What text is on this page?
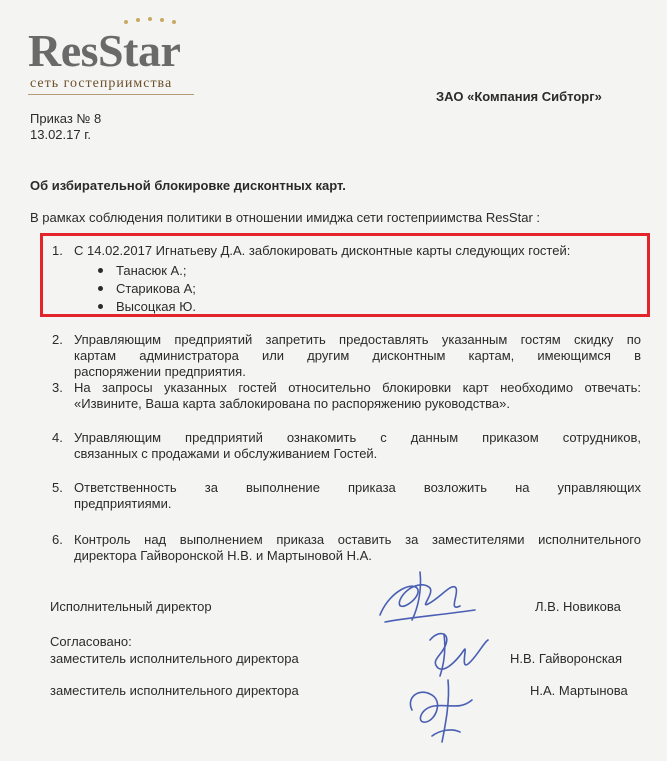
ResStar
сеть гостеприимства
ЗАО «Компания Сибторг»
Приказ № 8
13.02.17 г.
Об избирательной блокировке дисконтных карт.
В рамках соблюдения политики в отношении имиджа сети гостеприимства ResStar :
1. С 14.02.2017 Игнатьеву Д.А. заблокировать дисконтные карты следующих гостей:
Танасюк А.;
Старикова А;
Высоцкая Ю.
2. Управляющим предприятий запретить предоставлять указанным гостям скидку по
картам администратора или другим дисконтным картам, имеющимся в
распоряжении предприятия.
3. На запросы указанных гостей относительно блокировки карт необходимо отвечать:
«Извините, Ваша карта заблокирована по распоряжению руководства».
4. Управляющим предприятий ознакомить с данным приказом сотрудников,
связанных с продажами и обслуживанием Гостей.
5. Ответственность за выполнение приказа возложить на управляющих
предприятиями.
6. Контроль над выполнением приказа оставить за заместителями исполнительного
директора Гайворонской Н.В. и Мартыновой Н.А.
Исполнительный директор	Л.В. Новикова
Согласовано:
заместитель исполнительного директора	Н.В. Гайворонская
заместитель исполнительного директора	Н.А. Мартынова
